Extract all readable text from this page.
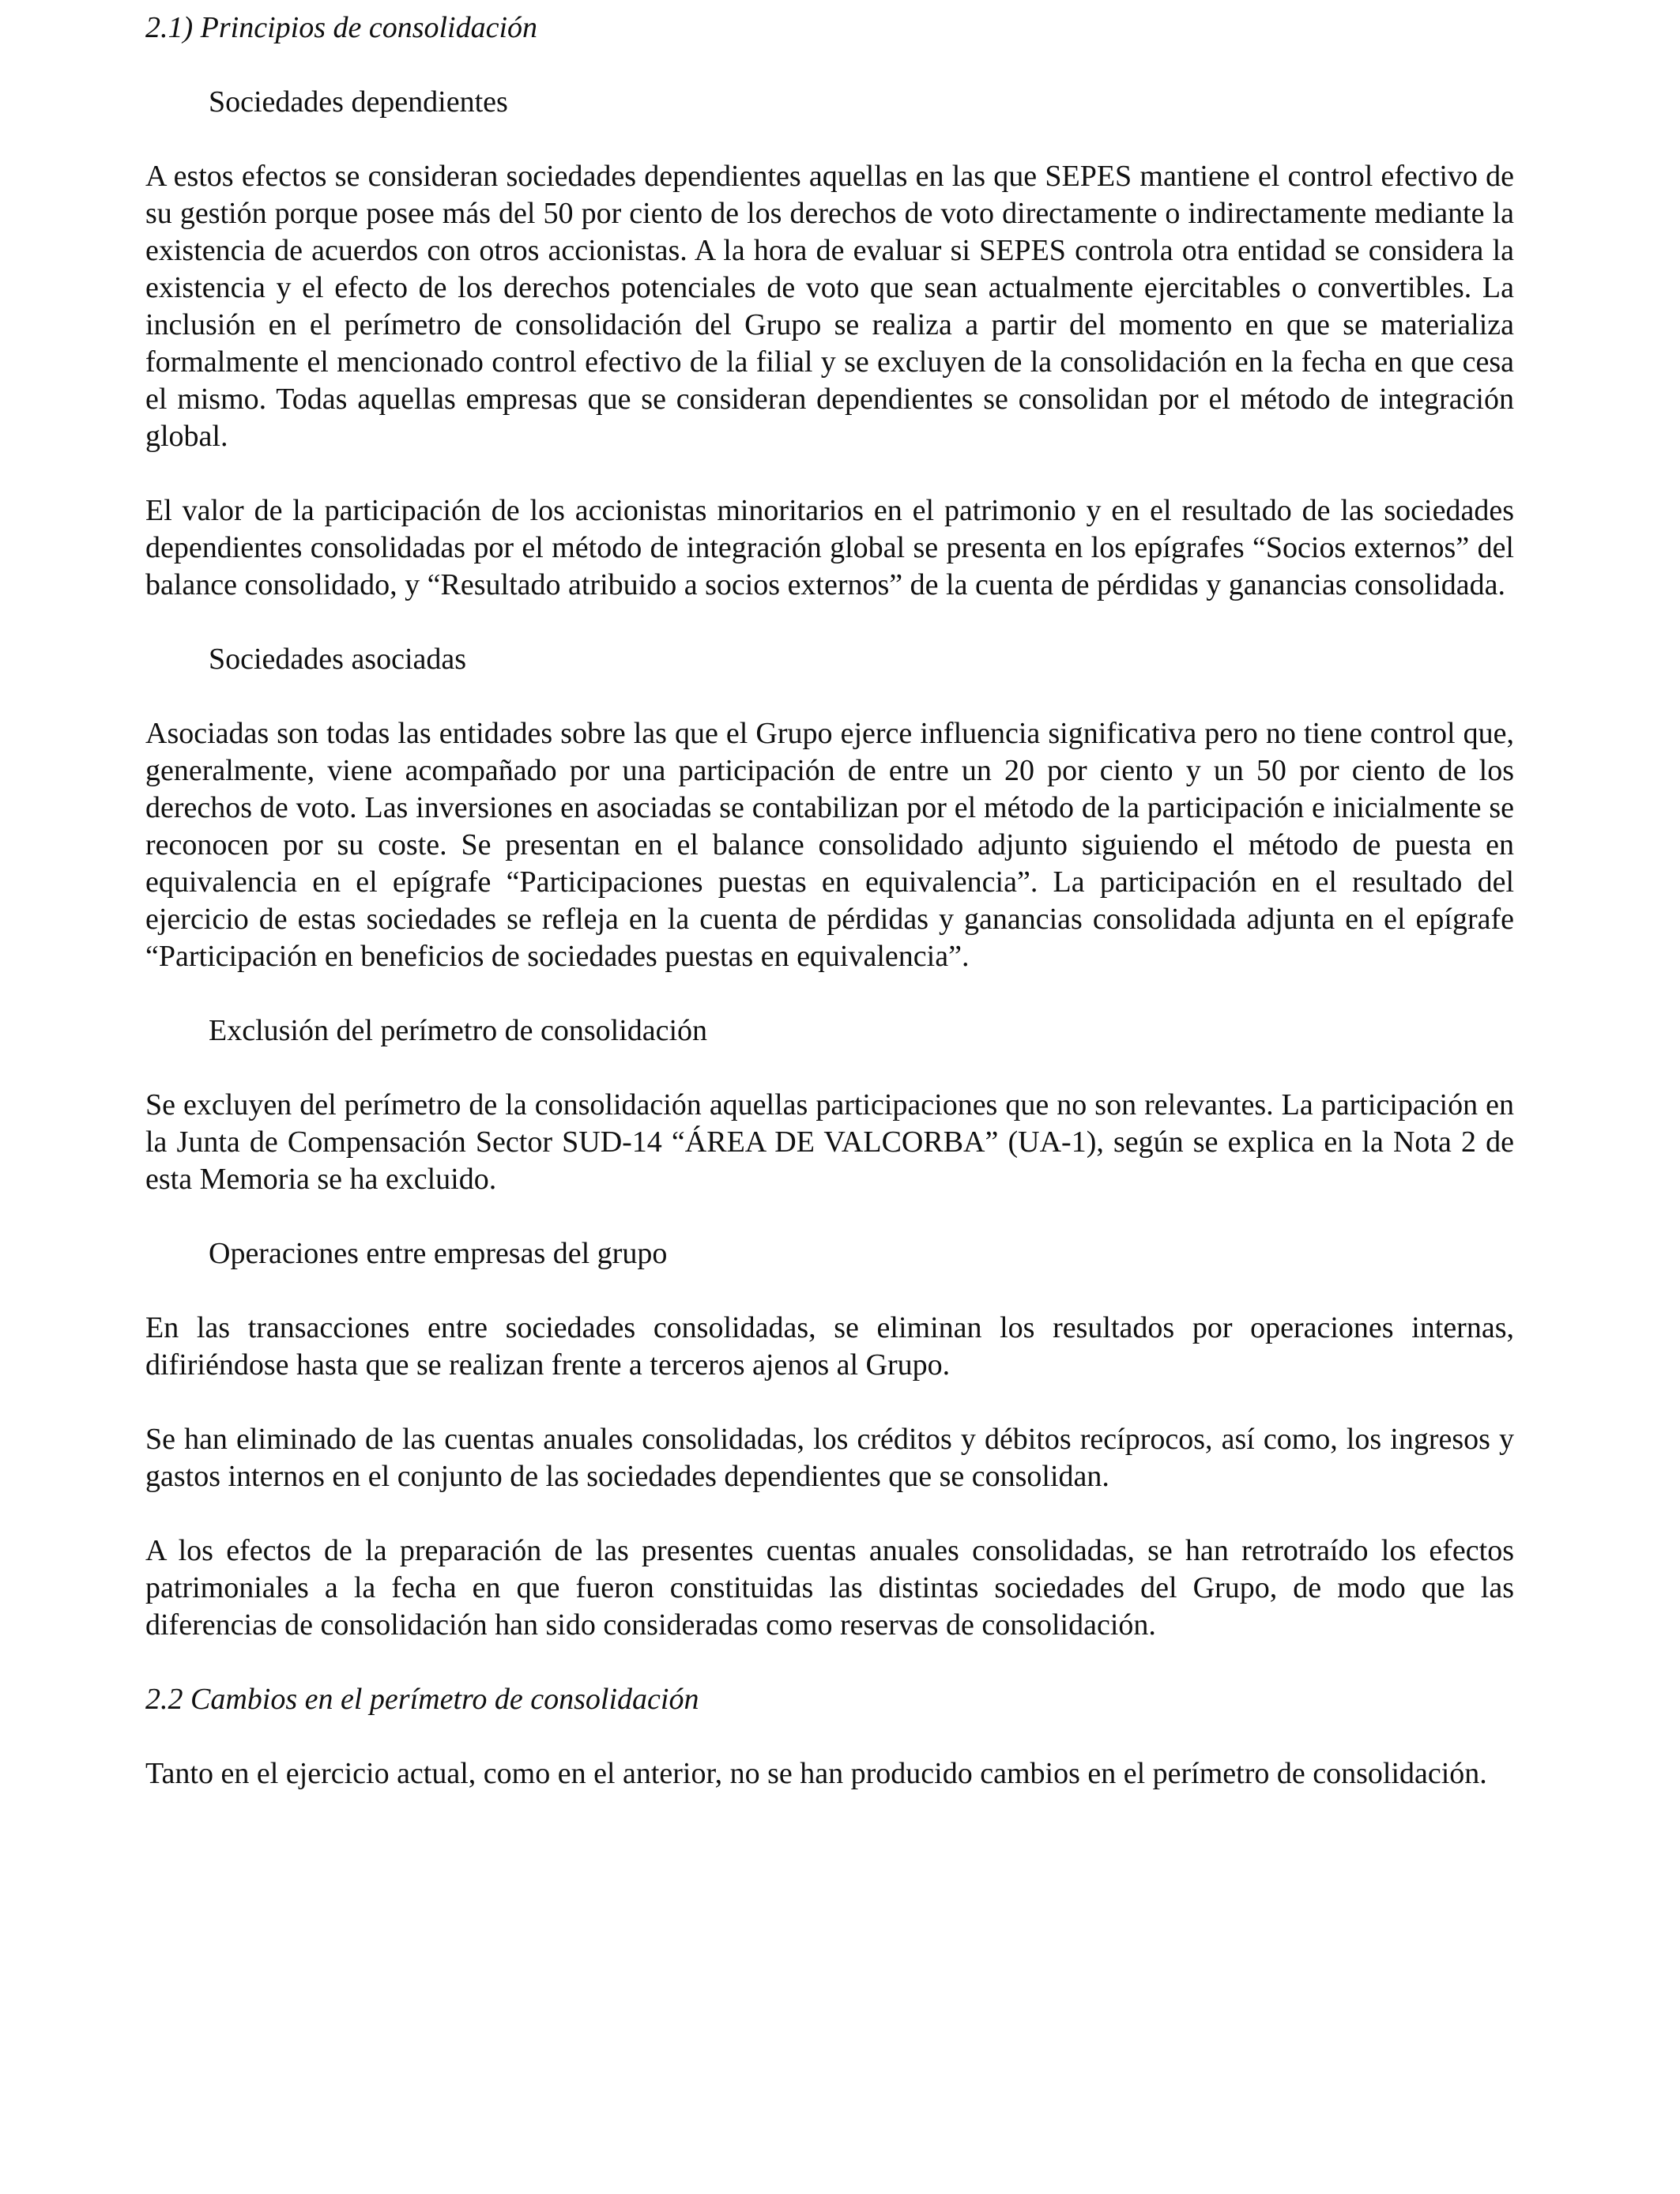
2.1) Principios de consolidación

Sociedades dependientes

A estos efectos se consideran sociedades dependientes aquellas en las que SEPES mantiene el control efectivo de su gestión porque posee más del 50 por ciento de los derechos de voto directamente o indirectamente mediante la existencia de acuerdos con otros accionistas. A la hora de evaluar si SEPES controla otra entidad se considera la existencia y el efecto de los derechos potenciales de voto que sean actualmente ejercitables o convertibles. La inclusión en el perímetro de consolidación del Grupo se realiza a partir del momento en que se materializa formalmente el mencionado control efectivo de la filial y se excluyen de la consolidación en la fecha en que cesa el mismo. Todas aquellas empresas que se consideran dependientes se consolidan por el método de integración global.

El valor de la participación de los accionistas minoritarios en el patrimonio y en el resultado de las sociedades dependientes consolidadas por el método de integración global se presenta en los epígrafes “Socios externos” del balance consolidado, y “Resultado atribuido a socios externos” de la cuenta de pérdidas y ganancias consolidada.

Sociedades asociadas

Asociadas son todas las entidades sobre las que el Grupo ejerce influencia significativa pero no tiene control que, generalmente, viene acompañado por una participación de entre un 20 por ciento y un 50 por ciento de los derechos de voto. Las inversiones en asociadas se contabilizan por el método de la participación e inicialmente se reconocen por su coste. Se presentan en el balance consolidado adjunto siguiendo el método de puesta en equivalencia en el epígrafe “Participaciones puestas en equivalencia”. La participación en el resultado del ejercicio de estas sociedades se refleja en la cuenta de pérdidas y ganancias consolidada adjunta en el epígrafe “Participación en beneficios de sociedades puestas en equivalencia”.

Exclusión del perímetro de consolidación

Se excluyen del perímetro de la consolidación aquellas participaciones que no son relevantes. La participación en la Junta de Compensación Sector SUD-14 “ÁREA DE VALCORBA” (UA-1), según se explica en la Nota 2 de esta Memoria se ha excluido.

Operaciones entre empresas del grupo

En las transacciones entre sociedades consolidadas, se eliminan los resultados por operaciones internas, difiriéndose hasta que se realizan frente a terceros ajenos al Grupo.

Se han eliminado de las cuentas anuales consolidadas, los créditos y débitos recíprocos, así como, los ingresos y gastos internos en el conjunto de las sociedades dependientes que se consolidan.

A los efectos de la preparación de las presentes cuentas anuales consolidadas, se han retrotraído los efectos patrimoniales a la fecha en que fueron constituidas las distintas sociedades del Grupo, de modo que las diferencias de consolidación han sido consideradas como reservas de consolidación.

2.2 Cambios en el perímetro de consolidación

Tanto en el ejercicio actual, como en el anterior, no se han producido cambios en el perímetro de consolidación.
